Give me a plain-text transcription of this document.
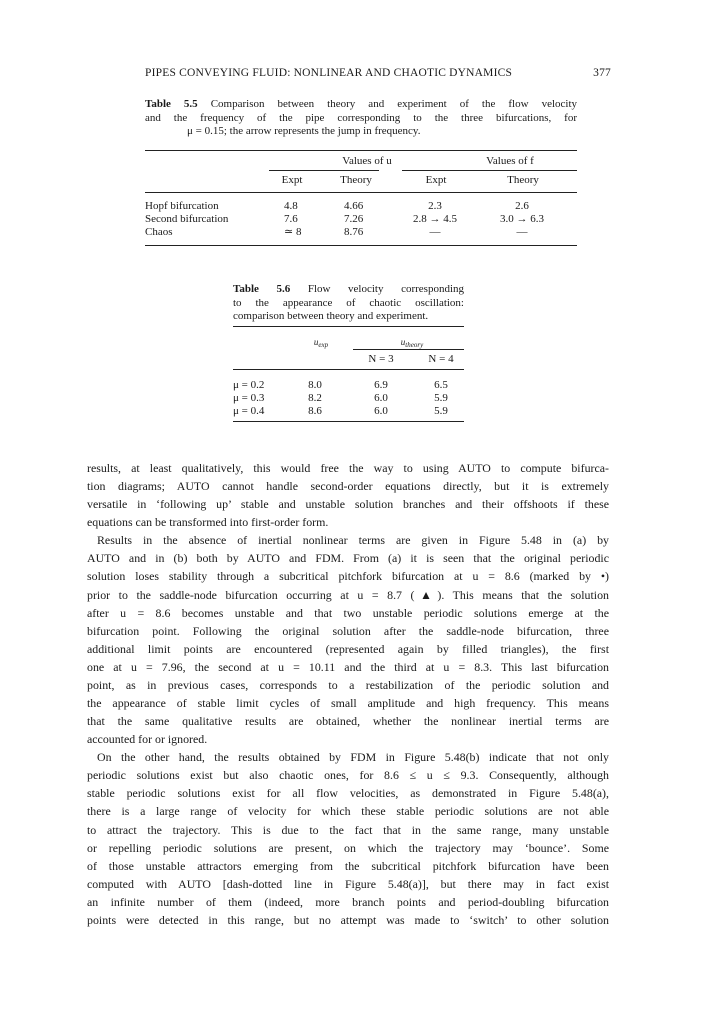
PIPES CONVEYING FLUID: NONLINEAR AND CHAOTIC DYNAMICS	377
Table 5.5 Comparison between theory and experiment of the flow velocity
and the frequency of the pipe corresponding to the three bifurcations, for
μ = 0.15; the arrow represents the jump in frequency.
Values of u	Values of f
Expt	Theory	Expt	Theory
Hopf bifurcation	4.8	4.66	2.3	2.6
Second bifurcation	7.6	7.26	2.8 → 4.5	3.0 → 6.3
Chaos	≃ 8	8.76	—	—
Table 5.6 Flow velocity corresponding
to the appearance of chaotic oscillation:
comparison between theory and experiment.
$u_{exp}$	$u_{theory}$
N = 3	N = 4
μ = 0.2	8.0	6.9	6.5
μ = 0.3	8.2	6.0	5.9
μ = 0.4	8.6	6.0	5.9
results, at least qualitatively, this would free the way to using AUTO to compute bifurca-
tion diagrams; AUTO cannot handle second-order equations directly, but it is extremely
versatile in ‘following up’ stable and unstable solution branches and their offshoots if these
equations can be transformed into first-order form.
Results in the absence of inertial nonlinear terms are given in Figure 5.48 in (a) by
AUTO and in (b) both by AUTO and FDM. From (a) it is seen that the original periodic
solution loses stability through a subcritical pitchfork bifurcation at u = 8.6 (marked by •)
prior to the saddle-node bifurcation occurring at u = 8.7 (▲). This means that the solution
after u = 8.6 becomes unstable and that two unstable periodic solutions emerge at the
bifurcation point. Following the original solution after the saddle-node bifurcation, three
additional limit points are encountered (represented again by filled triangles), the first
one at u = 7.96, the second at u = 10.11 and the third at u = 8.3. This last bifurcation
point, as in previous cases, corresponds to a restabilization of the periodic solution and
the appearance of stable limit cycles of small amplitude and high frequency. This means
that the same qualitative results are obtained, whether the nonlinear inertial terms are
accounted for or ignored.
On the other hand, the results obtained by FDM in Figure 5.48(b) indicate that not only
periodic solutions exist but also chaotic ones, for 8.6 ≤ u ≤ 9.3. Consequently, although
stable periodic solutions exist for all flow velocities, as demonstrated in Figure 5.48(a),
there is a large range of velocity for which these stable periodic solutions are not able
to attract the trajectory. This is due to the fact that in the same range, many unstable
or repelling periodic solutions are present, on which the trajectory may ‘bounce’. Some
of those unstable attractors emerging from the subcritical pitchfork bifurcation have been
computed with AUTO [dash-dotted line in Figure 5.48(a)], but there may in fact exist
an infinite number of them (indeed, more branch points and period-doubling bifurcation
points were detected in this range, but no attempt was made to ‘switch’ to other solution
